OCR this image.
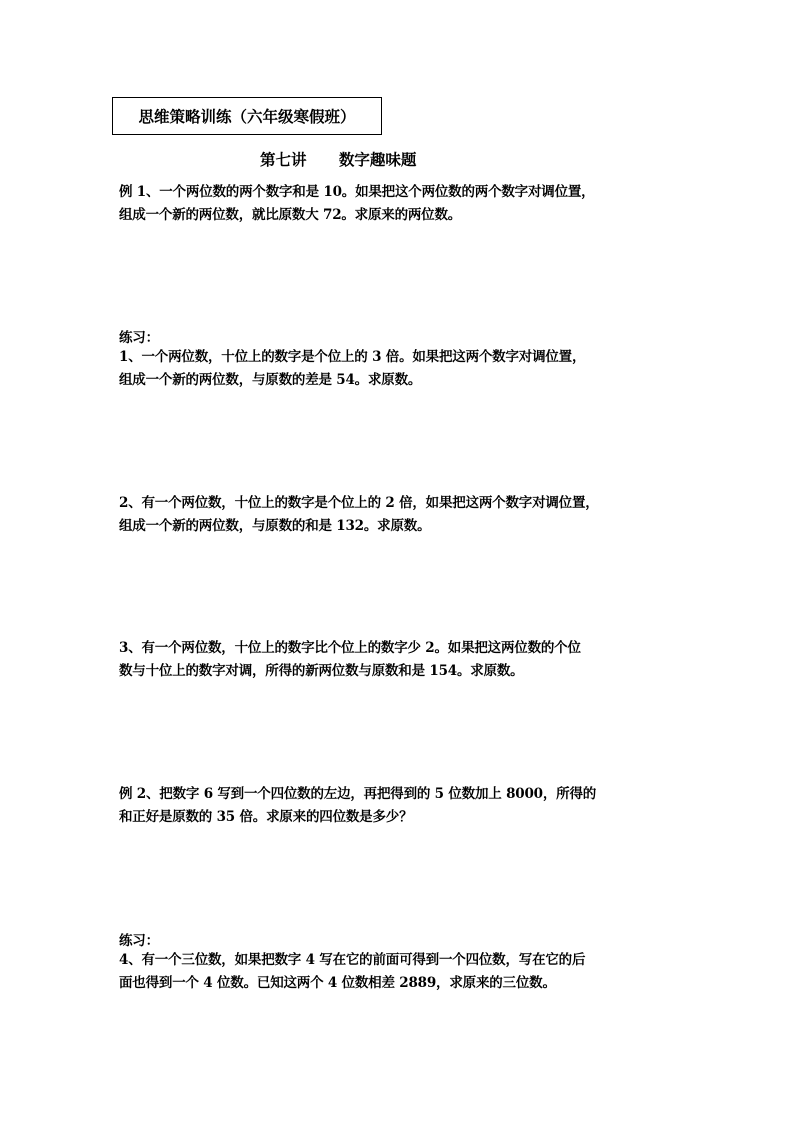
思维策略训练（六年级寒假班）
第七讲      数字趣味题
例 1、一个两位数的两个数字和是 10。如果把这个两位数的两个数字对调位置，
组成一个新的两位数，就比原数大 72。求原来的两位数。
练习：
1、一个两位数，十位上的数字是个位上的 3 倍。如果把这两个数字对调位置，
组成一个新的两位数，与原数的差是 54。求原数。
2、有一个两位数，十位上的数字是个位上的 2 倍，如果把这两个数字对调位置，
组成一个新的两位数，与原数的和是 132。求原数。
3、有一个两位数，十位上的数字比个位上的数字少 2。如果把这两位数的个位
数与十位上的数字对调，所得的新两位数与原数和是 154。求原数。
例 2、把数字 6 写到一个四位数的左边，再把得到的 5 位数加上 8000，所得的
和正好是原数的 35 倍。求原来的四位数是多少？
练习：
4、有一个三位数，如果把数字 4 写在它的前面可得到一个四位数，写在它的后
面也得到一个 4 位数。已知这两个 4 位数相差 2889，求原来的三位数。
